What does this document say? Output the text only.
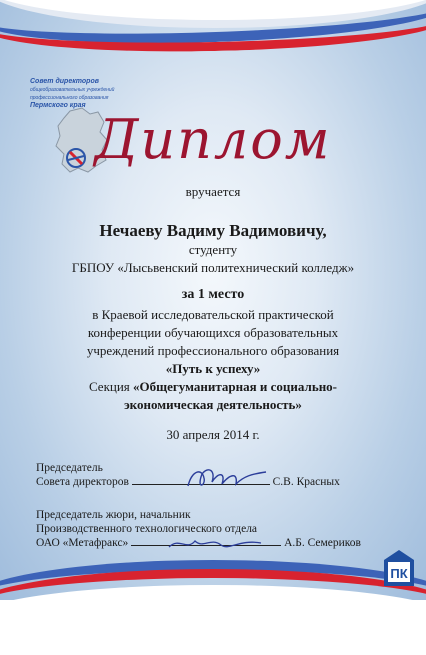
Совет директоров
общеобразовательных учреждений
профессионального образования
Пермского края
Диплом
вручается
Нечаеву Вадиму Вадимовичу,
студенту
ГБПОУ «Лысьвенский политехнический колледж»
за 1 место
в Краевой исследовательской практической
конференции обучающихся образовательных
учреждений профессионального образования
«Путь к успеху»
Секция «Общегуманитарная и социально-
экономическая деятельность»
30 апреля 2014 г.
Председатель
Совета директоров	С.В. Красных
Председатель жюри, начальник
Производственного технологического отдела
ОАО «Метафракс»	А.Б. Семериков
ПК
